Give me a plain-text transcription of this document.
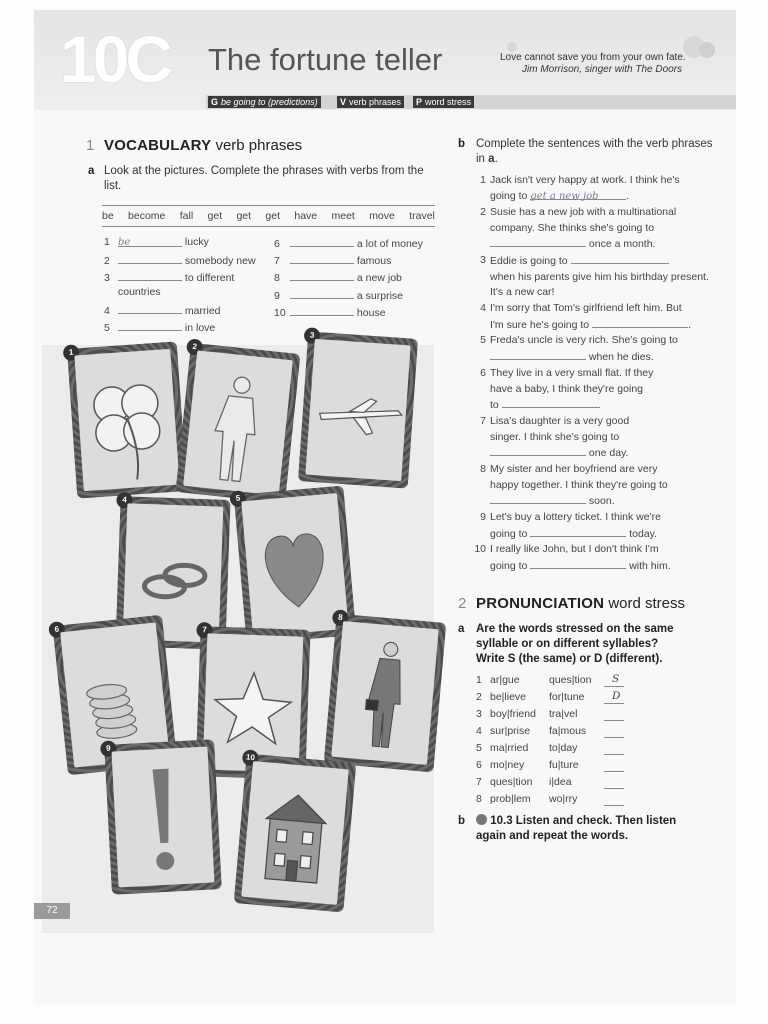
10C The fortune teller	Love cannot save you from your own fate.
Jim Morrison, singer with The Doors
G be going to (predictions)	V verb phrases	P word stress
1 VOCABULARY verb phrases
a Look at the pictures. Complete the phrases with verbs from the list.
be become fall get get get have meet move travel
1 be	lucky
2	somebody new
3	to different
countries
4	married
5	in love
6	a lot of money
7	famous
8	a new job
9	a surprise
10	house
1
2
3
4	5
6	7
8
9
10
72
b Complete the sentences with the verb phrases in a.
1 Jack isn't very happy at work. I think he's
going to get a new job	.
2 Susie has a new job with a multinational
company. She thinks she's going to
once a month.
3 Eddie is going to
when his parents give him his birthday present. It's a new car!
4 I'm sorry that Tom's girlfriend left him. But
I'm sure he's going to	.
5 Freda's uncle is very rich. She's going to
when he dies.
6 They live in a very small flat. If they
have a baby, I think they're going
to	.
7 Lisa's daughter is a very good
singer. I think she's going to
one day.
8 My sister and her boyfriend are very
happy together. I think they're going to
soon.
9 Let's buy a lottery ticket. I think we're
going to	today.
10 I really like John, but I don't think I'm
going to	with him.
2 PRONUNCIATION word stress
a Are the words stressed on the same
syllable or on different syllables?
Write S (the same) or D (different).
1 ar|gue	ques|tion S
2 be|lieve for|tune	D
3 boy|friend tra|vel
4 sur|prise fa|mous
5 ma|rried to|day
6 mo|ney fu|ture
7 ques|tion i|dea
8 prob|lem wo|rry
b	10.3 Listen and check. Then listen
again and repeat the words.
